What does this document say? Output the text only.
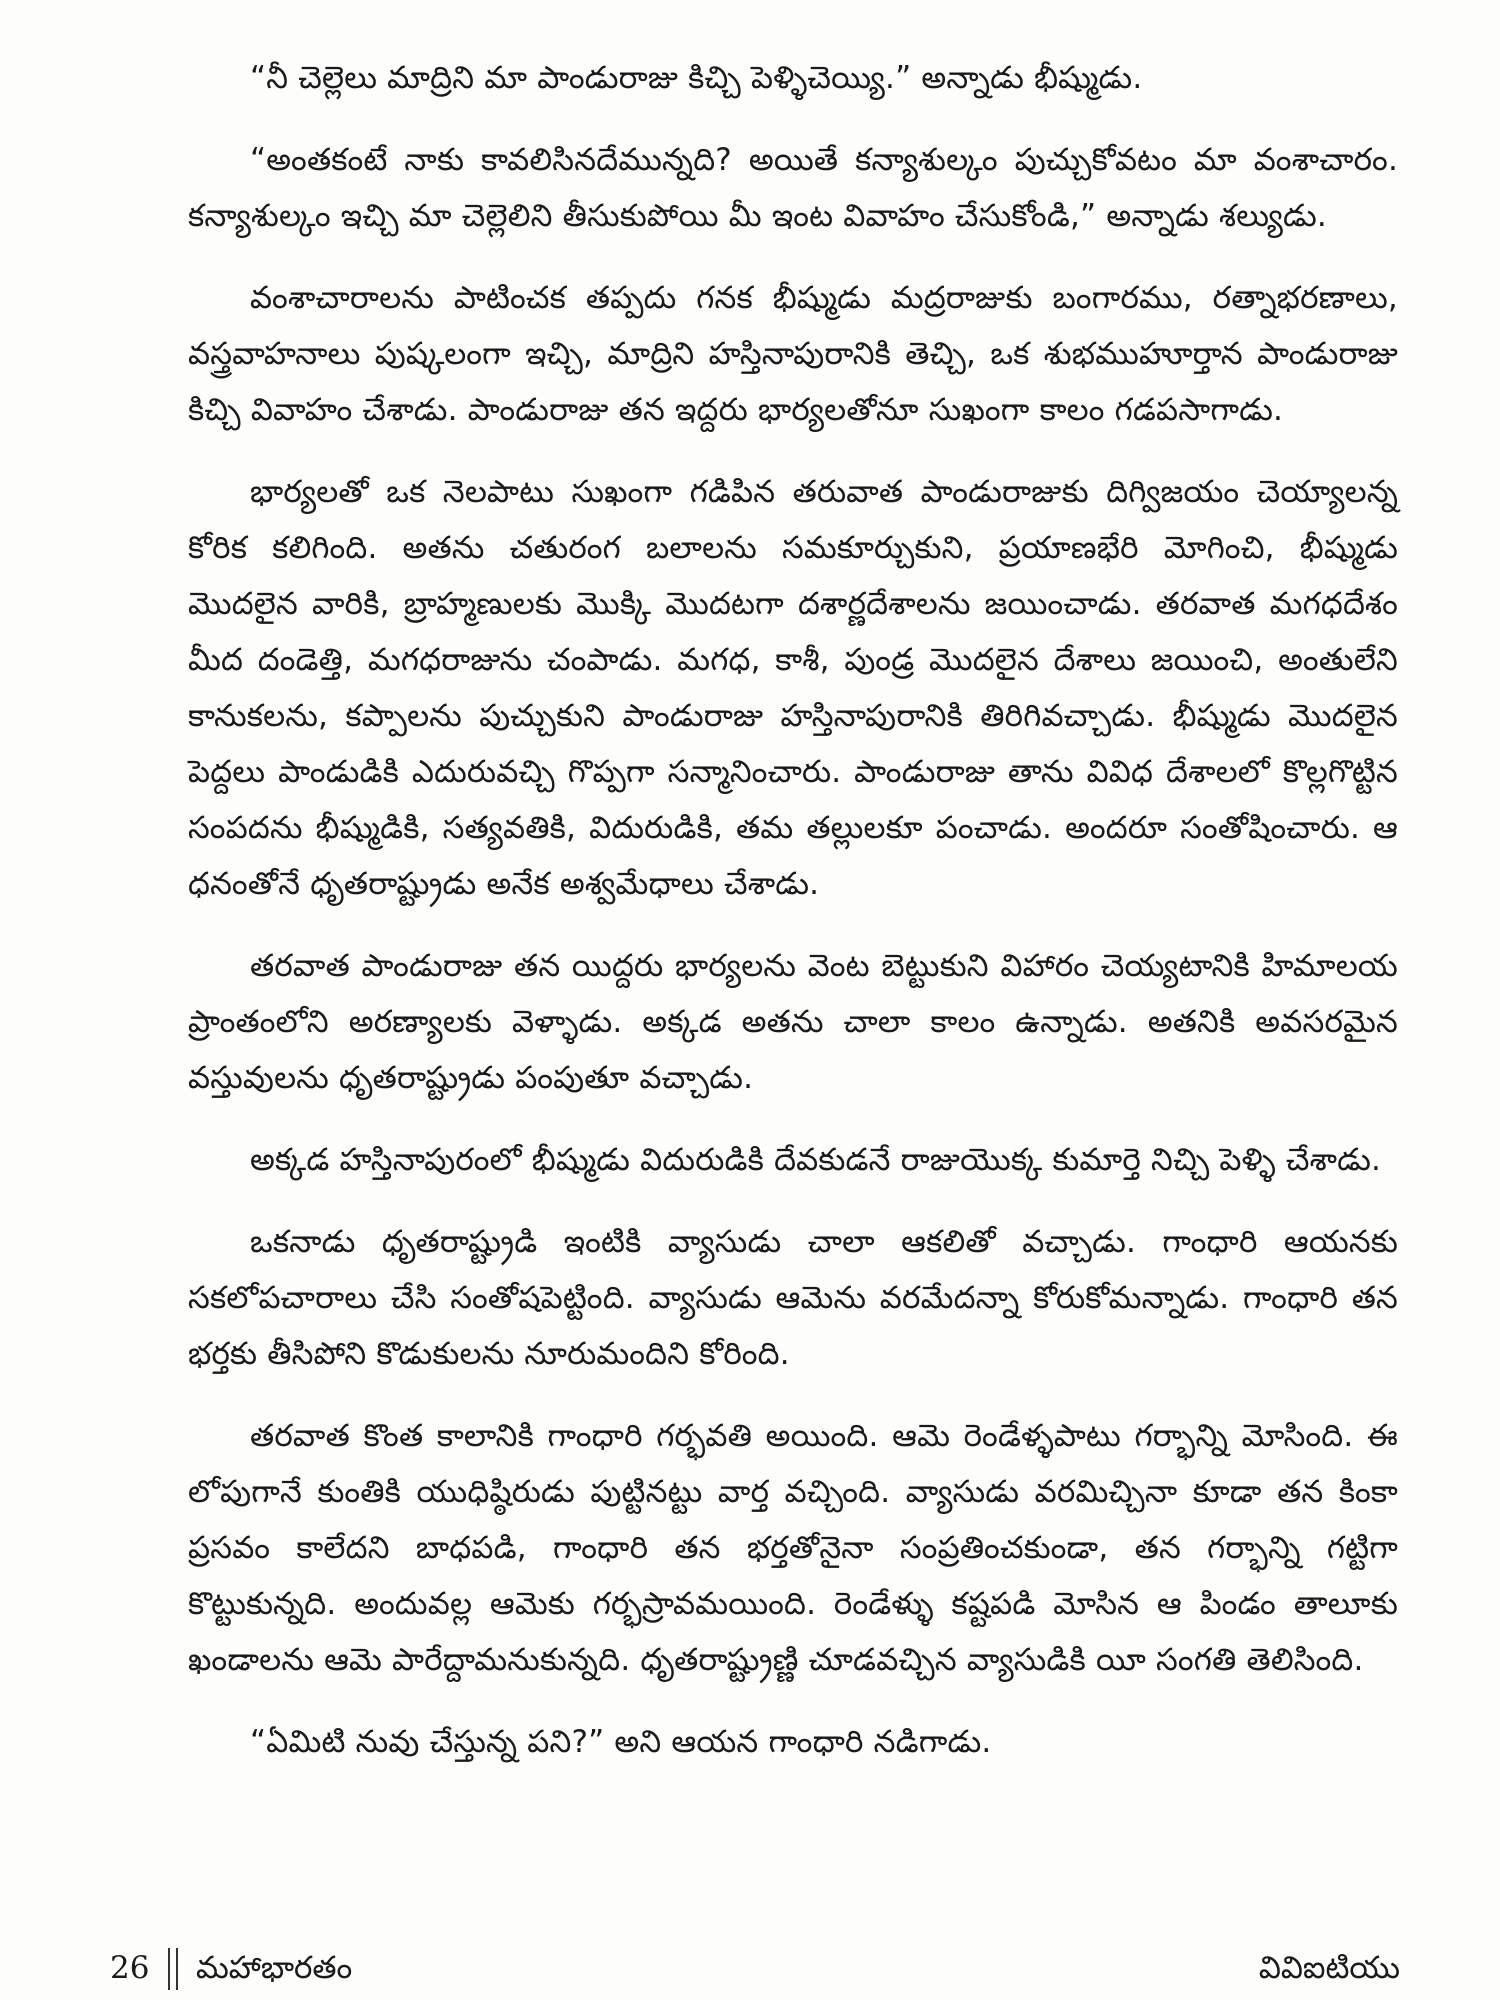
“నీ చెల్లెలు మాద్రిని మా పాండురాజు కిచ్చి పెళ్ళిచెయ్యి.” అన్నాడు భీష్ముడు.

“అంతకంటే నాకు కావలిసినదేమున్నది? అయితే కన్యాశుల్కం పుచ్చుకోవటం మా వంశాచారం. కన్యాశుల్కం ఇచ్చి మా చెల్లెలిని తీసుకుపోయి మీ ఇంట వివాహం చేసుకోండి,” అన్నాడు శల్యుడు.

వంశాచారాలను పాటించక తప్పదు గనక భీష్ముడు మద్రరాజుకు బంగారము, రత్నాభరణాలు, వస్త్రవాహనాలు పుష్కలంగా ఇచ్చి, మాద్రిని హస్తినాపురానికి తెచ్చి, ఒక శుభముహూర్తాన పాండురాజు కిచ్చి వివాహం చేశాడు. పాండురాజు తన ఇద్దరు భార్యలతోనూ సుఖంగా కాలం గడపసాగాడు.

భార్యలతో ఒక నెలపాటు సుఖంగా గడిపిన తరువాత పాండురాజుకు దిగ్విజయం చెయ్యాలన్న కోరిక కలిగింది. అతను చతురంగ బలాలను సమకూర్చుకుని, ప్రయాణభేరి మోగించి, భీష్ముడు మొదలైన వారికి, బ్రాహ్మణులకు మొక్కి మొదటగా దశార్ణదేశాలను జయించాడు. తరవాత మగధదేశం మీద దండెత్తి, మగధరాజును చంపాడు. మగధ, కాశీ, పుండ్ర మొదలైన దేశాలు జయించి, అంతులేని కానుకలను, కప్పాలను పుచ్చుకుని పాండురాజు హస్తినాపురానికి తిరిగివచ్చాడు. భీష్ముడు మొదలైన పెద్దలు పాండుడికి ఎదురువచ్చి గొప్పగా సన్మానించారు. పాండురాజు తాను వివిధ దేశాలలో కొల్లగొట్టిన సంపదను భీష్ముడికి, సత్యవతికి, విదురుడికి, తమ తల్లులకూ పంచాడు. అందరూ సంతోషించారు. ఆ ధనంతోనే ధృతరాష్ట్రుడు అనేక అశ్వమేధాలు చేశాడు.

తరవాత పాండురాజు తన యిద్దరు భార్యలను వెంట బెట్టుకుని విహారం చెయ్యటానికి హిమాలయ ప్రాంతంలోని అరణ్యాలకు వెళ్ళాడు. అక్కడ అతను చాలా కాలం ఉన్నాడు. అతనికి అవసరమైన వస్తువులను ధృతరాష్ట్రుడు పంపుతూ వచ్చాడు.

అక్కడ హస్తినాపురంలో భీష్ముడు విదురుడికి దేవకుడనే రాజుయొక్క కుమార్తె నిచ్చి పెళ్ళి చేశాడు.

ఒకనాడు ధృతరాష్ట్రుడి ఇంటికి వ్యాసుడు చాలా ఆకలితో వచ్చాడు. గాంధారి ఆయనకు సకలోపచారాలు చేసి సంతోషపెట్టింది. వ్యాసుడు ఆమెను వరమేదన్నా కోరుకోమన్నాడు. గాంధారి తన భర్తకు తీసిపోని కొడుకులను నూరుమందిని కోరింది.

తరవాత కొంత కాలానికి గాంధారి గర్భవతి అయింది. ఆమె రెండేళ్ళపాటు గర్భాన్ని మోసింది. ఈ లోపుగానే కుంతికి యుధిష్ఠిరుడు పుట్టినట్టు వార్త వచ్చింది. వ్యాసుడు వరమిచ్చినా కూడా తన కింకా ప్రసవం కాలేదని బాధపడి, గాంధారి తన భర్తతోనైనా సంప్రతించకుండా, తన గర్భాన్ని గట్టిగా కొట్టుకున్నది. అందువల్ల ఆమెకు గర్భస్రావమయింది. రెండేళ్ళు కష్టపడి మోసిన ఆ పిండం తాలూకు ఖండాలను ఆమె పారేద్దామనుకున్నది. ధృతరాష్ట్రుణ్ణి చూడవచ్చిన వ్యాసుడికి యీ సంగతి తెలిసింది.

“ఏమిటి నువు చేస్తున్న పని?” అని ఆయన గాంధారి నడిగాడు.

26 మహాభారతం	వివిఐటియు
